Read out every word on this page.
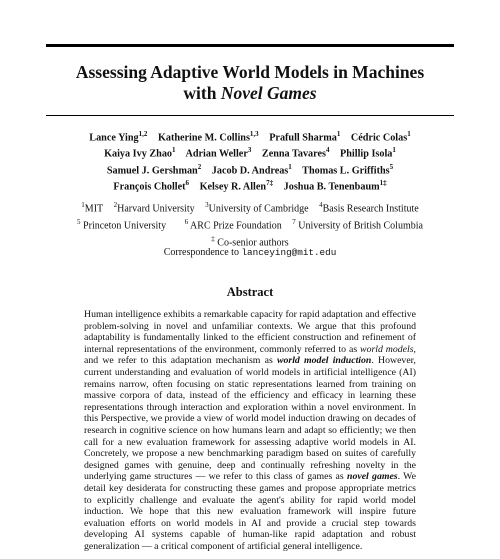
Assessing Adaptive World Models in Machines
with Novel Games
Lance Ying$^{1,2}$ Katherine M. Collins$^{1,3}$ Prafull Sharma$^1$ Cédric Colas$^1$
Kaiya Ivy Zhao$^1$ Adrian Weller$^3$ Zenna Tavares$^4$ Phillip Isola$^1$
Samuel J. Gershman$^2$ Jacob D. Andreas$^1$ Thomas L. Griffiths$^5$
François Chollet$^6$ Kelsey R. Allen$^{7\ddagger}$ Joshua B. Tenenbaum$^{1\ddagger}$
$^1$MIT $^2$Harvard University $^3$University of Cambridge $^4$Basis Research Institute
$^5$ Princeton University	$^6$ ARC Prize Foundation $^7$ University of British Columbia
‡ Co-senior authors
Correspondence to lanceying@mit.edu
Abstract
Human intelligence exhibits a remarkable capacity for rapid adaptation and effective problem-solving in novel and unfamiliar contexts. We argue that this profound adaptability is fundamentally linked to the efficient construction and refinement of internal representations of the environment, commonly referred to as world models, and we refer to this adaptation mechanism as world model induction. However, current understanding and evaluation of world models in artificial intelligence (AI) remains narrow, often focusing on static representations learned from training on massive corpora of data, instead of the efficiency and efficacy in learning these representations through interaction and exploration within a novel environment. In this Perspective, we provide a view of world model induction drawing on decades of research in cognitive science on how humans learn and adapt so efficiently; we then call for a new evaluation framework for assessing adaptive world models in AI. Concretely, we propose a new benchmarking paradigm based on suites of carefully designed games with genuine, deep and continually refreshing novelty in the underlying game structures — we refer to this class of games as novel games. We detail key desiderata for constructing these games and propose appropriate metrics to explicitly challenge and evaluate the agent's ability for rapid world model induction. We hope that this new evaluation framework will inspire future evaluation efforts on world models in AI and provide a crucial step towards developing AI systems capable of human-like rapid adaptation and robust generalization — a critical component of artificial general intelligence.
